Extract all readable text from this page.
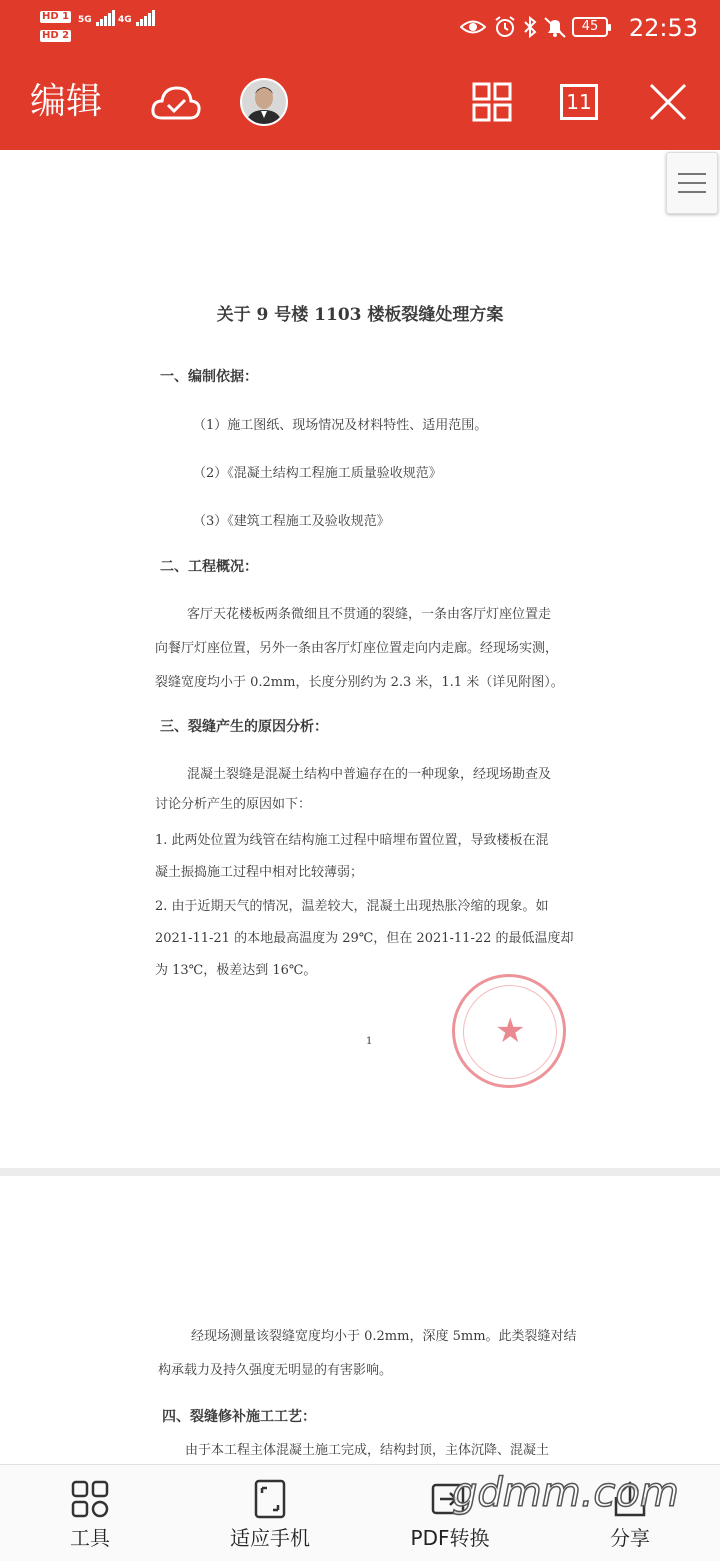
HD 1
HD 2
5G	4G	45	22:53
编辑	11
关于 9 号楼 1103 楼板裂缝处理方案
一、编制依据：
（1）施工图纸、现场情况及材料特性、适用范围。
（2）《混凝土结构工程施工质量验收规范》
（3）《建筑工程施工及验收规范》
二、工程概况：
客厅天花楼板两条微细且不贯通的裂缝，一条由客厅灯座位置走
向餐厅灯座位置，另外一条由客厅灯座位置走向内走廊。经现场实测，
裂缝宽度均小于 0.2mm，长度分别约为 2.3 米，1.1 米（详见附图）。
三、裂缝产生的原因分析：
混凝土裂缝是混凝土结构中普遍存在的一种现象，经现场勘查及
讨论分析产生的原因如下：
1. 此两处位置为线管在结构施工过程中暗埋布置位置，导致楼板在混
凝土振捣施工过程中相对比较薄弱；
2. 由于近期天气的情况，温差较大，混凝土出现热胀冷缩的现象。如
2021-11-21 的本地最高温度为 29℃，但在 2021-11-22 的最低温度却
为 13℃，极差达到 16℃。
★
1
经现场测量该裂缝宽度均小于 0.2mm，深度 5mm。此类裂缝对结
构承载力及持久强度无明显的有害影响。
四、裂缝修补施工工艺：
由于本工程主体混凝土施工完成，结构封顶，主体沉降、混凝土
工具	适应手机	PDF转换	分享
gdmm.com
